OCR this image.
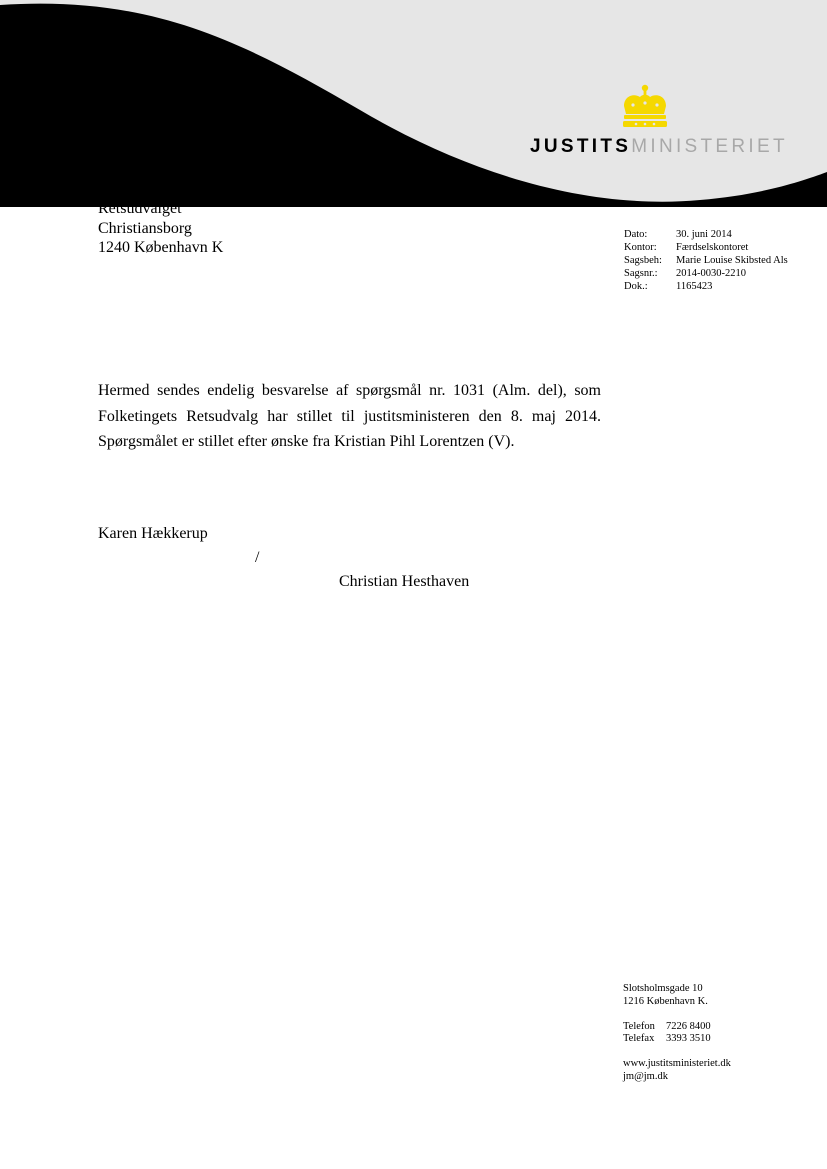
JUSTITSMINISTERIET
Retsudvalget
Christiansborg
1240 København K
Dato:	30. juni 2014
Kontor:	Færdselskontoret
Sagsbeh:	Marie Louise Skibsted Als
Sagsnr.:	2014-0030-2210
Dok.:	1165423

Hermed sendes endelig besvarelse af spørgsmål nr. 1031 (Alm. del), som Folketingets Retsudvalg har stillet til justitsministeren den 8. maj 2014. Spørgsmålet er stillet efter ønske fra Kristian Pihl Lorentzen (V).

Karen Hækkerup
/
Christian Hesthaven
Slotsholmsgade 10
1216 København K.
Telefon 7226 8400
Telefax 3393 3510
www.justitsministeriet.dk
jm@jm.dk
